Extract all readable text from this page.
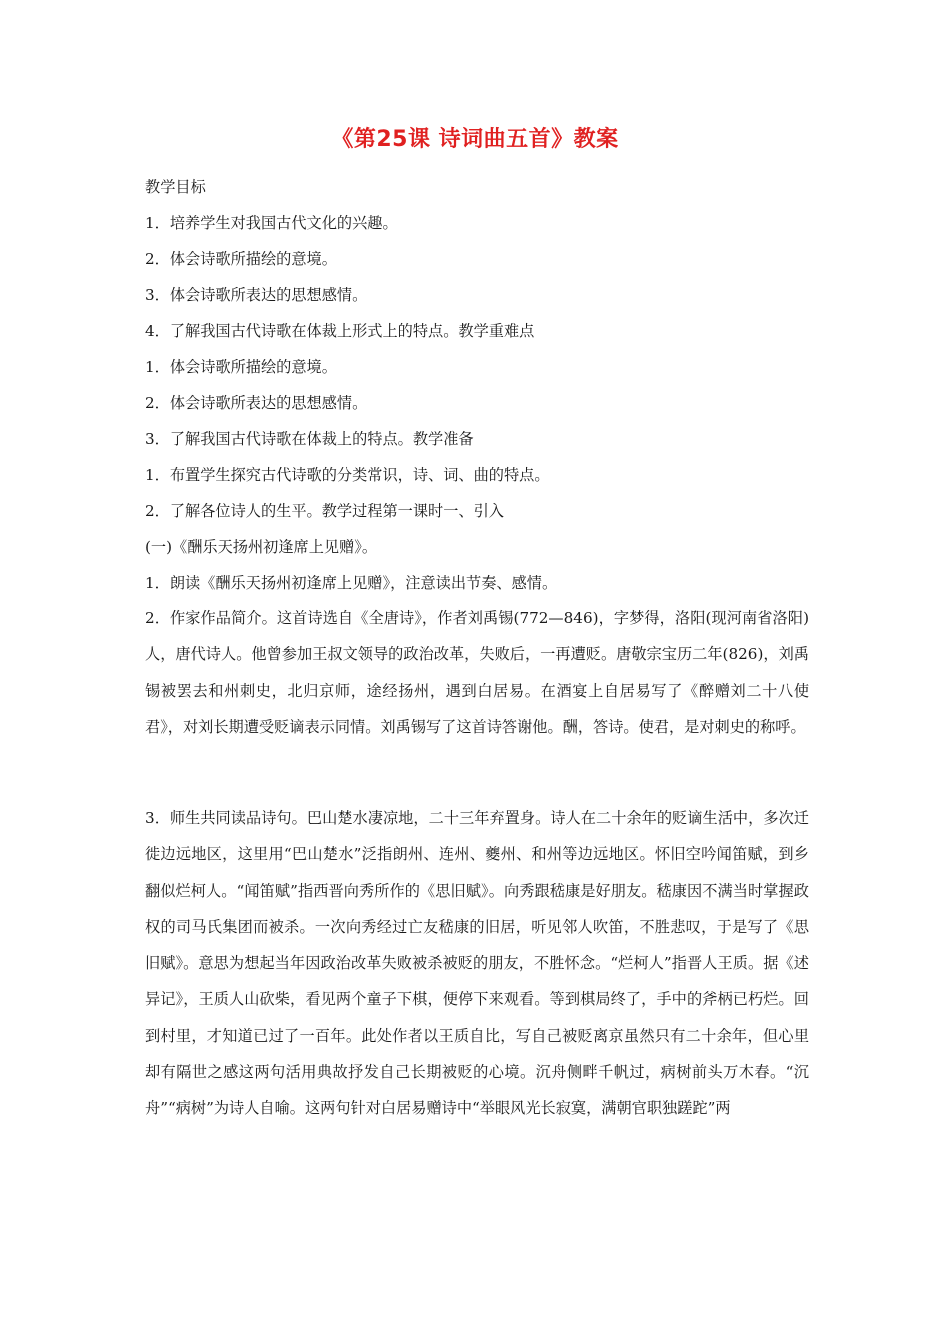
《第25课 诗词曲五首》教案
教学目标
1．培养学生对我国古代文化的兴趣。
2．体会诗歌所描绘的意境。
3．体会诗歌所表达的思想感情。
4．了解我国古代诗歌在体裁上形式上的特点。教学重难点
1．体会诗歌所描绘的意境。
2．体会诗歌所表达的思想感情。
3．了解我国古代诗歌在体裁上的特点。教学准备
1．布置学生探究古代诗歌的分类常识，诗、词、曲的特点。
2．了解各位诗人的生平。教学过程第一课时一、引入
(一)《酬乐天扬州初逢席上见赠》。
1．朗读《酬乐天扬州初逢席上见赠》，注意读出节奏、感情。
2．作家作品简介。这首诗选自《全唐诗》，作者刘禹锡(772—846)，字梦得，洛阳(现河南省洛阳)人，唐代诗人。他曾参加王叔文领导的政治改革，失败后，一再遭贬。唐敬宗宝历二年(826)，刘禹锡被罢去和州刺史，北归京师，途经扬州，遇到白居易。在酒宴上自居易写了《醉赠刘二十八使君》，对刘长期遭受贬谪表示同情。刘禹锡写了这首诗答谢他。酬，答诗。使君，是对刺史的称呼。
3．师生共同读品诗句。巴山楚水凄凉地，二十三年弃置身。诗人在二十余年的贬谪生活中，多次迁徙边远地区，这里用“巴山楚水”泛指朗州、连州、夔州、和州等边远地区。怀旧空吟闻笛赋，到乡翻似烂柯人。“闻笛赋”指西晋向秀所作的《思旧赋》。向秀跟嵇康是好朋友。嵇康因不满当时掌握政权的司马氏集团而被杀。一次向秀经过亡友嵇康的旧居，听见邻人吹笛，不胜悲叹，于是写了《思旧赋》。意思为想起当年因政治改革失败被杀被贬的朋友，不胜怀念。“烂柯人”指晋人王质。据《述异记》，王质人山砍柴，看见两个童子下棋，便停下来观看。等到棋局终了，手中的斧柄已朽烂。回到村里，才知道已过了一百年。此处作者以王质自比，写自己被贬离京虽然只有二十余年，但心里却有隔世之感这两句活用典故抒发自己长期被贬的心境。沉舟侧畔千帆过，病树前头万木春。“沉舟”“病树”为诗人自喻。这两句针对白居易赠诗中“举眼风光长寂寞，满朝官职独蹉跎”两
